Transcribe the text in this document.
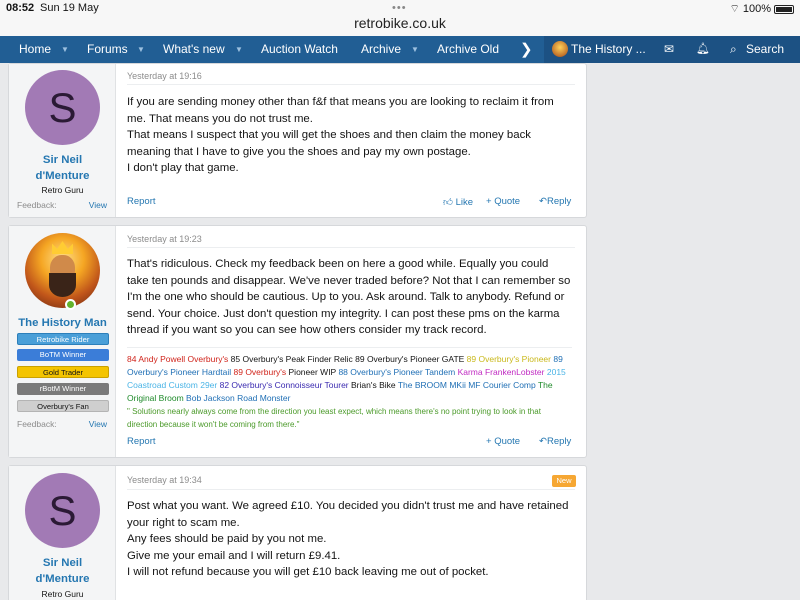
08:52 Sun 19 May	•••
retrobike.co.uk
⌔ 100%
Home ▼ Forums ▼ What's new ▼ Auction Watch Archive ▼ Archive Old ❯	The History ... ✉ 🔔︎ ⌕ Search
S
Sir Neil
d'Menture
Retro Guru
Feedback:	View
Yesterday at 19:16

If you are sending money other than f&f that means you are looking to reclaim it from me. That means you do not trust me.

That means I suspect that you will get the shoes and then claim the money back meaning that I have to give you the shoes and pay my own postage.

I don't play that game.

Report	👍︎ Like + Quote ↶Reply
The History Man
Retrobike Rider
BoTM Winner
Gold Trader
rBotM Winner
Overbury's Fan
Feedback:	View
Yesterday at 19:23
That's ridiculous. Check my feedback been on here a good while. Equally you could take ten pounds and disappear. We've never traded before? Not that I can remember so I'm the one who should be cautious. Up to you. Ask around. Talk to anybody. Refund or send. Your choice. Just don't question my integrity. I can post these pms on the karma thread if you want so you can see how others consider my track record.
84 Andy Powell Overbury's 85 Overbury's Peak Finder Relic 89 Overbury's Pioneer GATE 89 Overbury's Pioneer 89 Overbury's Pioneer Hardtail 89 Overbury's Pioneer WIP 88 Overbury's Pioneer Tandem Karma FrankenLobster 2015 Coastroad Custom 29er 82 Overbury's Connoisseur Tourer Brian's Bike The BROOM MKii MF Courier Comp The Original Broom Bob Jackson Road Monster
" Solutions nearly always come from the direction you least expect, which means there's no point trying to look in that direction because it won't be coming from there."
Report	+ Quote ↶Reply
S
Sir Neil
d'Menture
Retro Guru
Yesterday at 19:34	New

Post what you want. We agreed £10. You decided you didn't trust me and have retained your right to scam me.

Any fees should be paid by you not me.

Give me your email and I will return £9.41.

I will not refund because you will get £10 back leaving me out of pocket.
